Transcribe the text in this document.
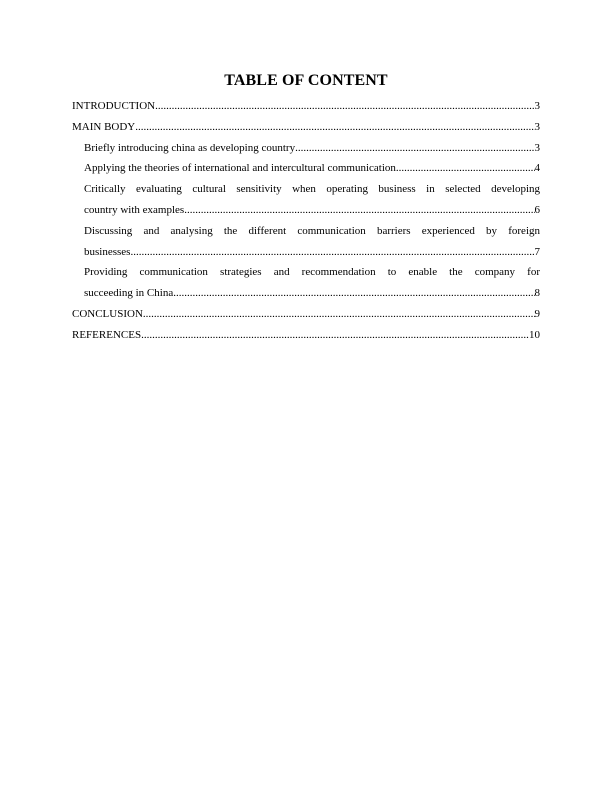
TABLE OF CONTENT
INTRODUCTION .....	3
MAIN BODY .....	3
Briefly introducing china as developing country .....	3
Applying the theories of international and intercultural communication .....	4
Critically evaluating cultural sensitivity when operating business in selected developing
country with examples .....	6
Discussing and analysing the different communication barriers experienced by foreign
businesses .....	7
Providing communication strategies and recommendation to enable the company for
succeeding in China .....	8
CONCLUSION .....	9
REFERENCES .....	10
